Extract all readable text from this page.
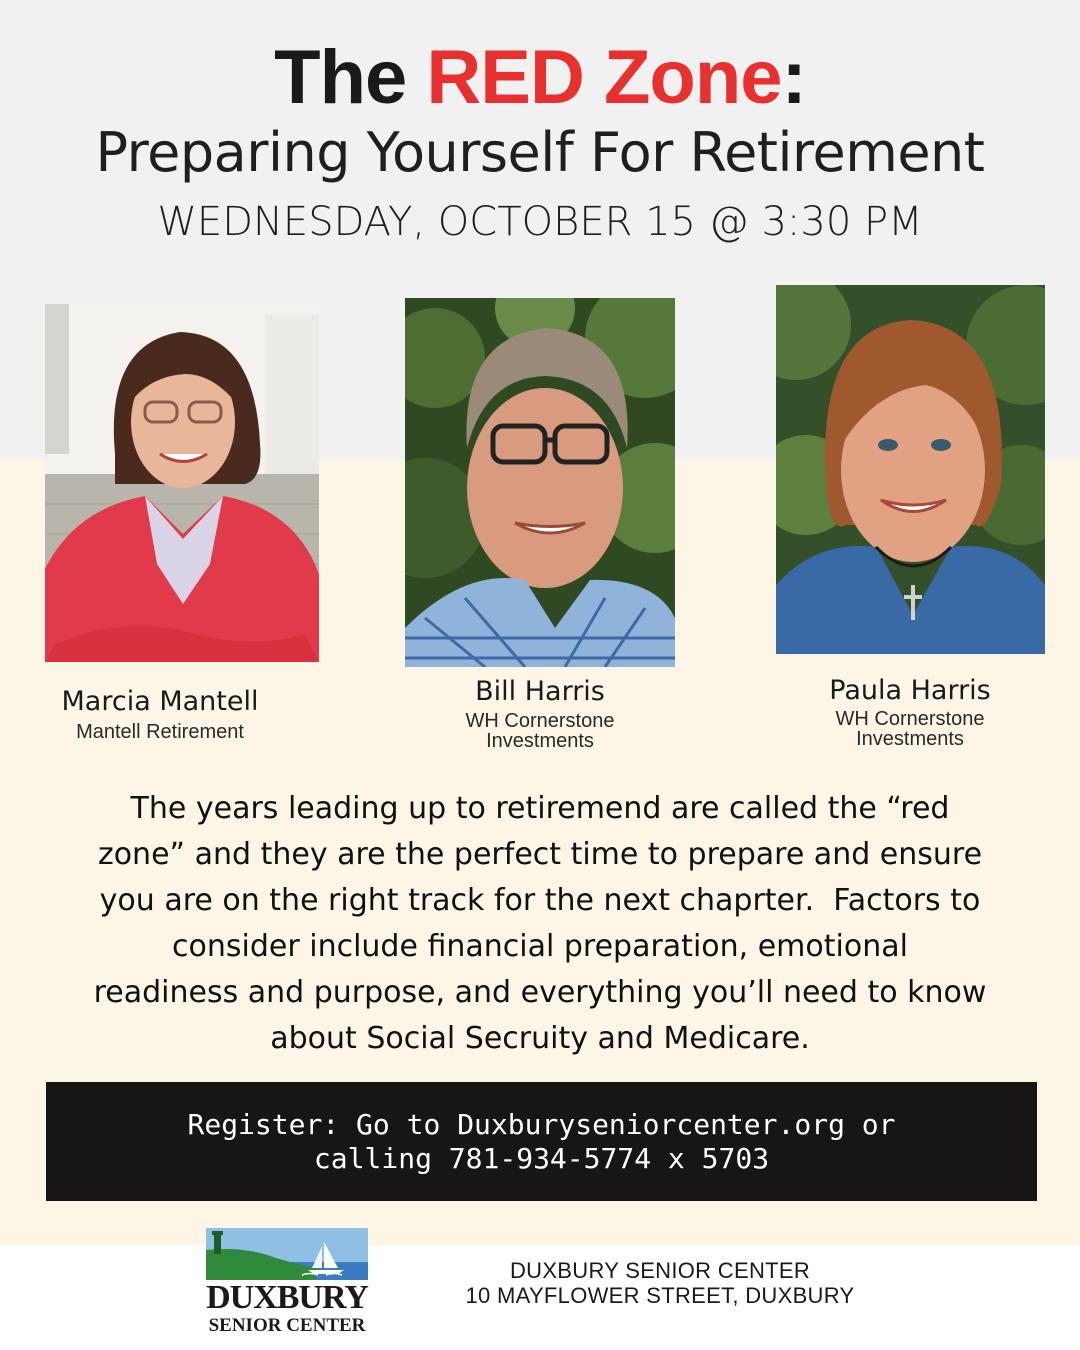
The RED Zone:
Preparing Yourself For Retirement
WEDNESDAY, OCTOBER 15 @ 3:30 PM
Marcia Mantell
Mantell Retirement
Bill Harris
WH Cornerstone
Investments
Paula Harris
WH Cornerstone
Investments
The years leading up to retiremend are called the “red
zone” and they are the perfect time to prepare and ensure
you are on the right track for the next chaprter.  Factors to
consider include financial preparation, emotional
readiness and purpose, and everything you’ll need to know
about Social Secruity and Medicare.
Register: Go to Duxburyseniorcenter.org or
calling 781-934-5774 x 5703
DUXBURY
SENIOR CENTER
DUXBURY SENIOR CENTER
10 MAYFLOWER STREET, DUXBURY
